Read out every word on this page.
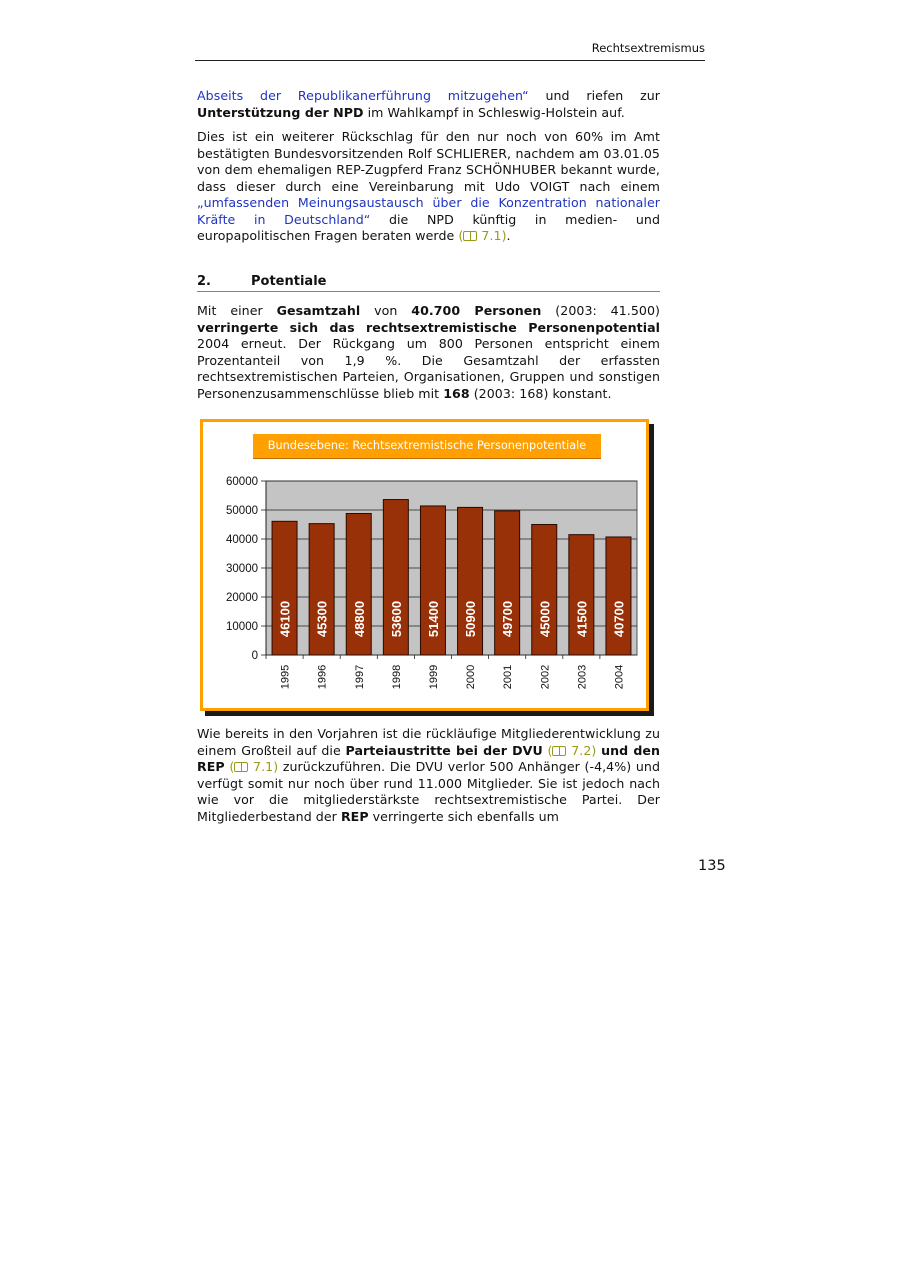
Rechtsextremismus

Abseits der Republikanerführung mitzugehen“ und riefen zur Unterstützung der NPD im Wahlkampf in Schleswig-Holstein auf.

Dies ist ein weiterer Rückschlag für den nur noch von 60% im Amt bestätigten Bundesvorsitzenden Rolf SCHLIERER, nachdem am 03.01.05 von dem ehemaligen REP-Zugpferd Franz SCHÖNHUBER bekannt wurde, dass dieser durch eine Vereinbarung mit Udo VOIGT nach einem „umfassenden Meinungsaustausch über die Konzentration nationaler Kräfte in Deutschland“ die NPD künftig in medien- und europapolitischen Fragen beraten werde ( 7.1).

2.	Potentiale

Mit einer Gesamtzahl von 40.700 Personen (2003: 41.500) verringerte sich das rechtsextremistische Personenpotential 2004 erneut. Der Rückgang um 800 Personen entspricht einem Prozentanteil von 1,9 %. Die Gesamtzahl der erfassten rechtsextremistischen Parteien, Organisationen, Gruppen und sonstigen Personenzusammenschlüsse blieb mit 168 (2003: 168) konstant.

Bundesebene: Rechtsextremistische Personenpotentiale
0
10000
20000
30000
40000
50000
60000
46100
1995
45300
1996
48800
1997
53600
1998
51400
1999
50900
2000
49700
2001
45000
2002
41500
2003
40700
2004

Wie bereits in den Vorjahren ist die rückläufige Mitgliederentwicklung zu einem Großteil auf die Parteiaustritte bei der DVU ( 7.2) und den REP ( 7.1) zurückzuführen. Die DVU verlor 500 Anhänger (-4,4%) und verfügt somit nur noch über rund 11.000 Mitglieder. Sie ist jedoch nach wie vor die mitgliederstärkste rechtsextremistische Partei. Der Mitgliederbestand der REP verringerte sich ebenfalls um

135
